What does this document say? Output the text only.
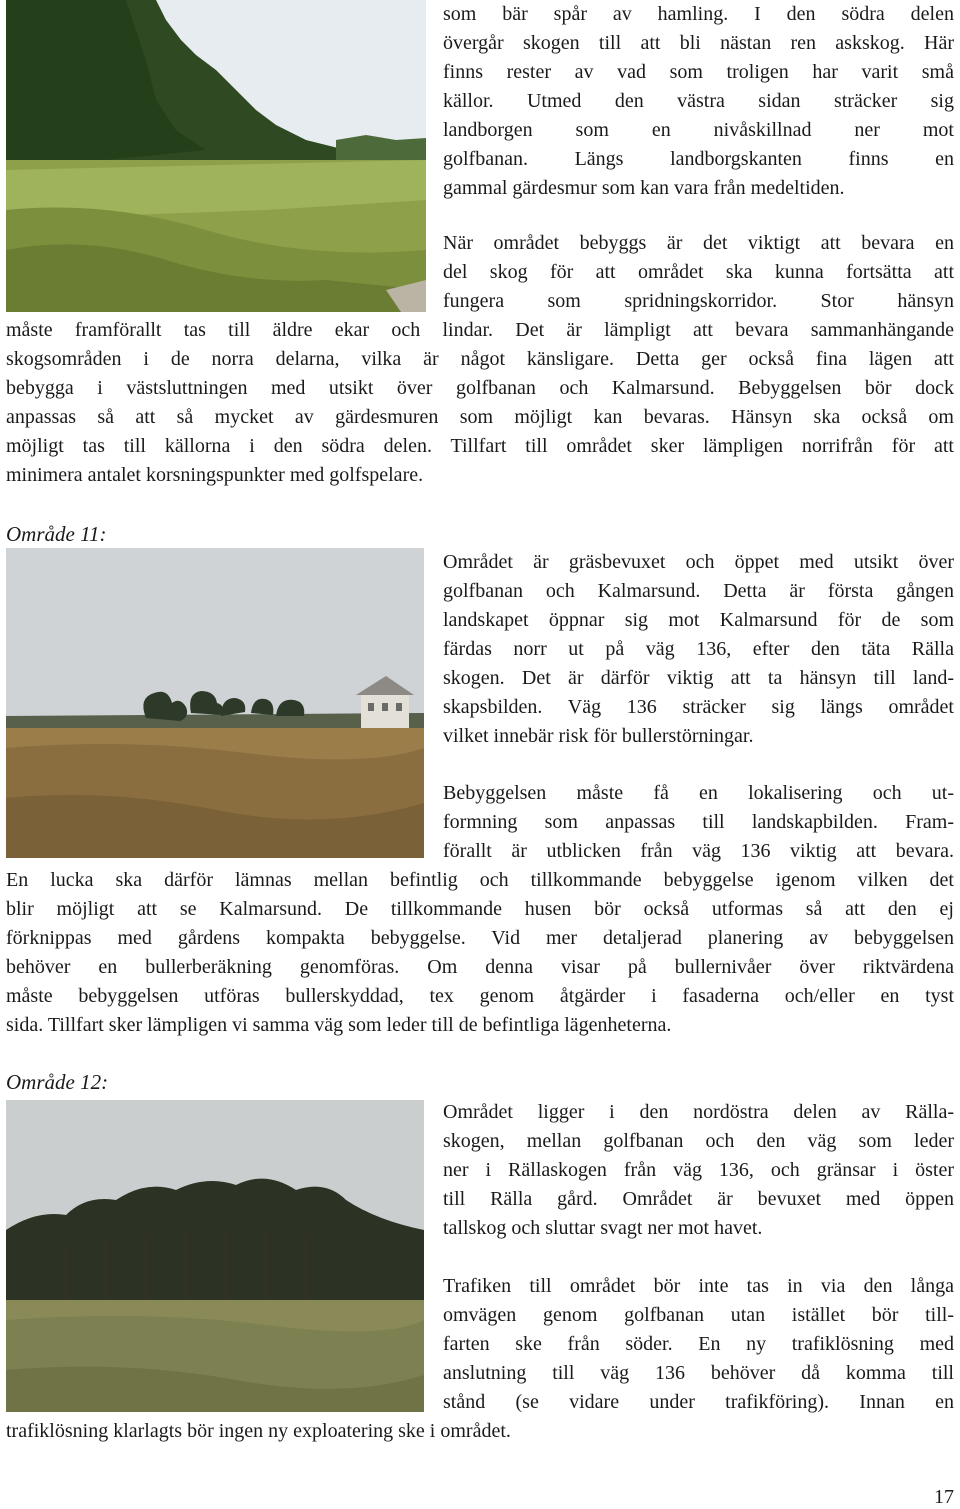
som bär spår av hamling. I den södra delen
övergår skogen till att bli nästan ren askskog. Här
finns rester av vad som troligen har varit små
källor. Utmed den västra sidan sträcker sig
landborgen som en nivåskillnad ner mot
golfbanan. Längs landborgskanten finns en
gammal gärdesmur som kan vara från medeltiden.
När området bebyggs är det viktigt att bevara en
del skog för att området ska kunna fortsätta att
fungera som spridningskorridor. Stor hänsyn
måste framförallt tas till äldre ekar och lindar. Det är lämpligt att bevara sammanhängande
skogsområden i de norra delarna, vilka är något känsligare. Detta ger också fina lägen att
bebygga i västsluttningen med utsikt över golfbanan och Kalmarsund. Bebyggelsen bör dock
anpassas så att så mycket av gärdesmuren som möjligt kan bevaras. Hänsyn ska också om
möjligt tas till källorna i den södra delen. Tillfart till området sker lämpligen norrifrån för att
minimera antalet korsningspunkter med golfspelare.
Område 11:
Området är gräsbevuxet och öppet med utsikt över
golfbanan och Kalmarsund. Detta är första gången
landskapet öppnar sig mot Kalmarsund för de som
färdas norr ut på väg 136, efter den täta Rälla
skogen. Det är därför viktig att ta hänsyn till land-
skapsbilden. Väg 136 sträcker sig längs området
vilket innebär risk för bullerstörningar.
Bebyggelsen måste få en lokalisering och ut-
formning som anpassas till landskapbilden. Fram-
förallt är utblicken från väg 136 viktig att bevara.
En lucka ska därför lämnas mellan befintlig och tillkommande bebyggelse igenom vilken det
blir möjligt att se Kalmarsund. De tillkommande husen bör också utformas så att den ej
förknippas med gårdens kompakta bebyggelse. Vid mer detaljerad planering av bebyggelsen
behöver en bullerberäkning genomföras. Om denna visar på bullernivåer över riktvärdena
måste bebyggelsen utföras bullerskyddad, tex genom åtgärder i fasaderna och/eller en tyst
sida. Tillfart sker lämpligen vi samma väg som leder till de befintliga lägenheterna.
Område 12:
Området ligger i den nordöstra delen av Rälla-
skogen, mellan golfbanan och den väg som leder
ner i Rällaskogen från väg 136, och gränsar i öster
till Rälla gård. Området är bevuxet med öppen
tallskog och sluttar svagt ner mot havet.
Trafiken till området bör inte tas in via den långa
omvägen genom golfbanan utan istället bör till-
farten ske från söder. En ny trafiklösning med
anslutning till väg 136 behöver då komma till
stånd (se vidare under trafikföring). Innan en
trafiklösning klarlagts bör ingen ny exploatering ske i området.
17
